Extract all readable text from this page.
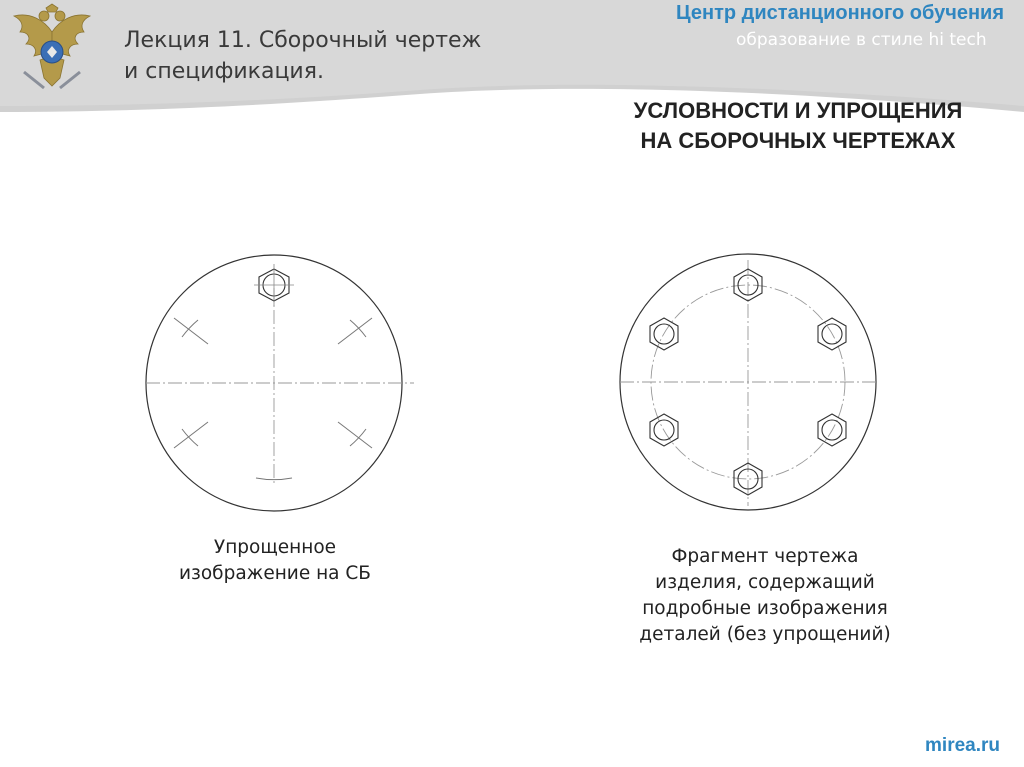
Лекция 11. Сборочный чертеж
и спецификация.
Центр дистанционного обучения
образование в стиле hi tech
УСЛОВНОСТИ И УПРОЩЕНИЯ
НА СБОРОЧНЫХ ЧЕРТЕЖАХ
Упрощенное
изображение на СБ
Фрагмент чертежа
изделия, содержащий
подробные изображения
деталей (без упрощений)
mirea.ru
